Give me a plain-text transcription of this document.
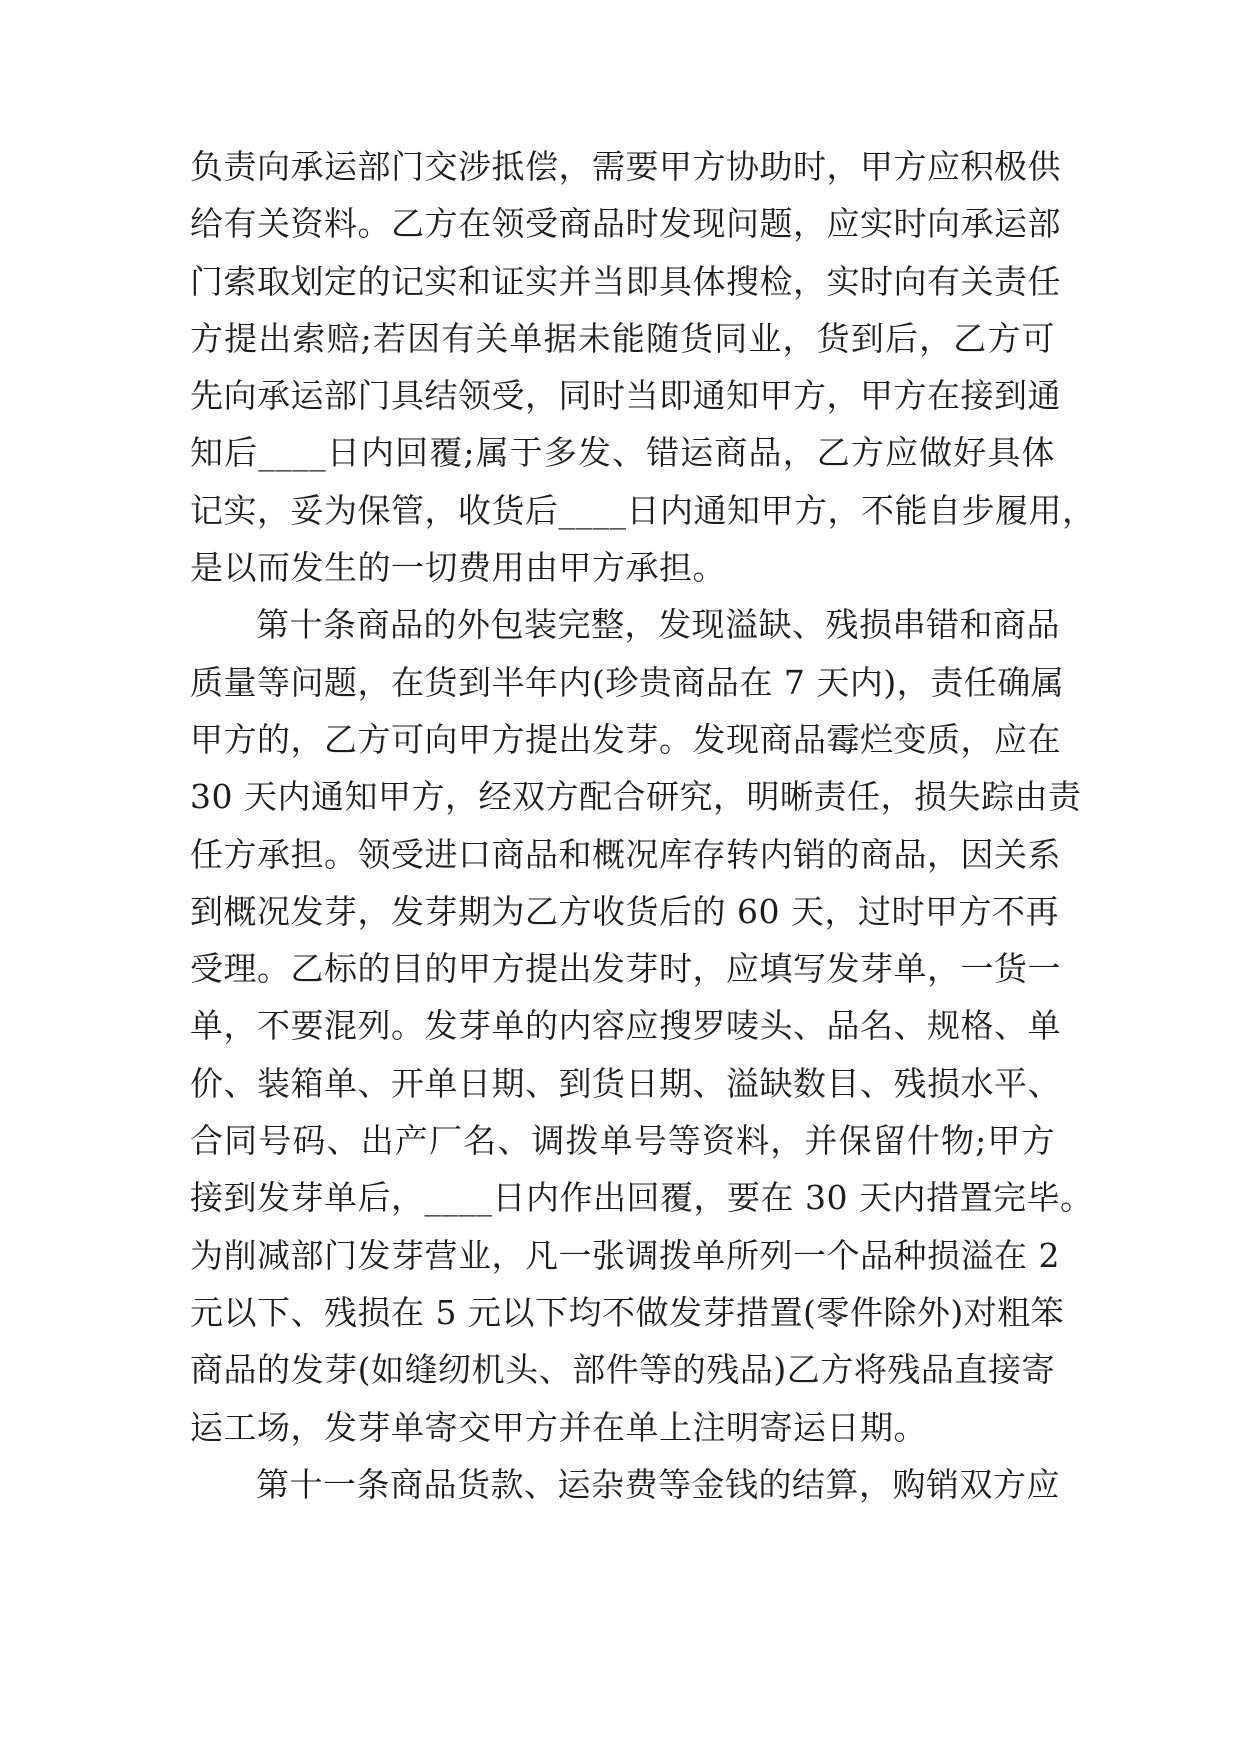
负责向承运部门交涉抵偿，需要甲方协助时，甲方应积极供
给有关资料。乙方在领受商品时发现问题，应实时向承运部
门索取划定的记实和证实并当即具体搜检，实时向有关责任
方提出索赔;若因有关单据未能随货同业，货到后，乙方可
先向承运部门具结领受，同时当即通知甲方，甲方在接到通
知后____日内回覆;属于多发、错运商品，乙方应做好具体
记实，妥为保管，收货后____日内通知甲方，不能自步履用，
是以而发生的一切费用由甲方承担。
第十条商品的外包装完整，发现溢缺、残损串错和商品
质量等问题，在货到半年内(珍贵商品在 7 天内)，责任确属
甲方的，乙方可向甲方提出发芽。发现商品霉烂变质，应在
30 天内通知甲方，经双方配合研究，明晰责任，损失踪由责
任方承担。领受进口商品和概况库存转内销的商品，因关系
到概况发芽，发芽期为乙方收货后的 60 天，过时甲方不再
受理。乙标的目的甲方提出发芽时，应填写发芽单，一货一
单，不要混列。发芽单的内容应搜罗唛头、品名、规格、单
价、装箱单、开单日期、到货日期、溢缺数目、残损水平、
合同号码、出产厂名、调拨单号等资料，并保留什物;甲方
接到发芽单后，____日内作出回覆，要在 30 天内措置完毕。
为削减部门发芽营业，凡一张调拨单所列一个品种损溢在 2
元以下、残损在 5 元以下均不做发芽措置(零件除外)对粗笨
商品的发芽(如缝纫机头、部件等的残品)乙方将残品直接寄
运工场，发芽单寄交甲方并在单上注明寄运日期。
第十一条商品货款、运杂费等金钱的结算，购销双方应
